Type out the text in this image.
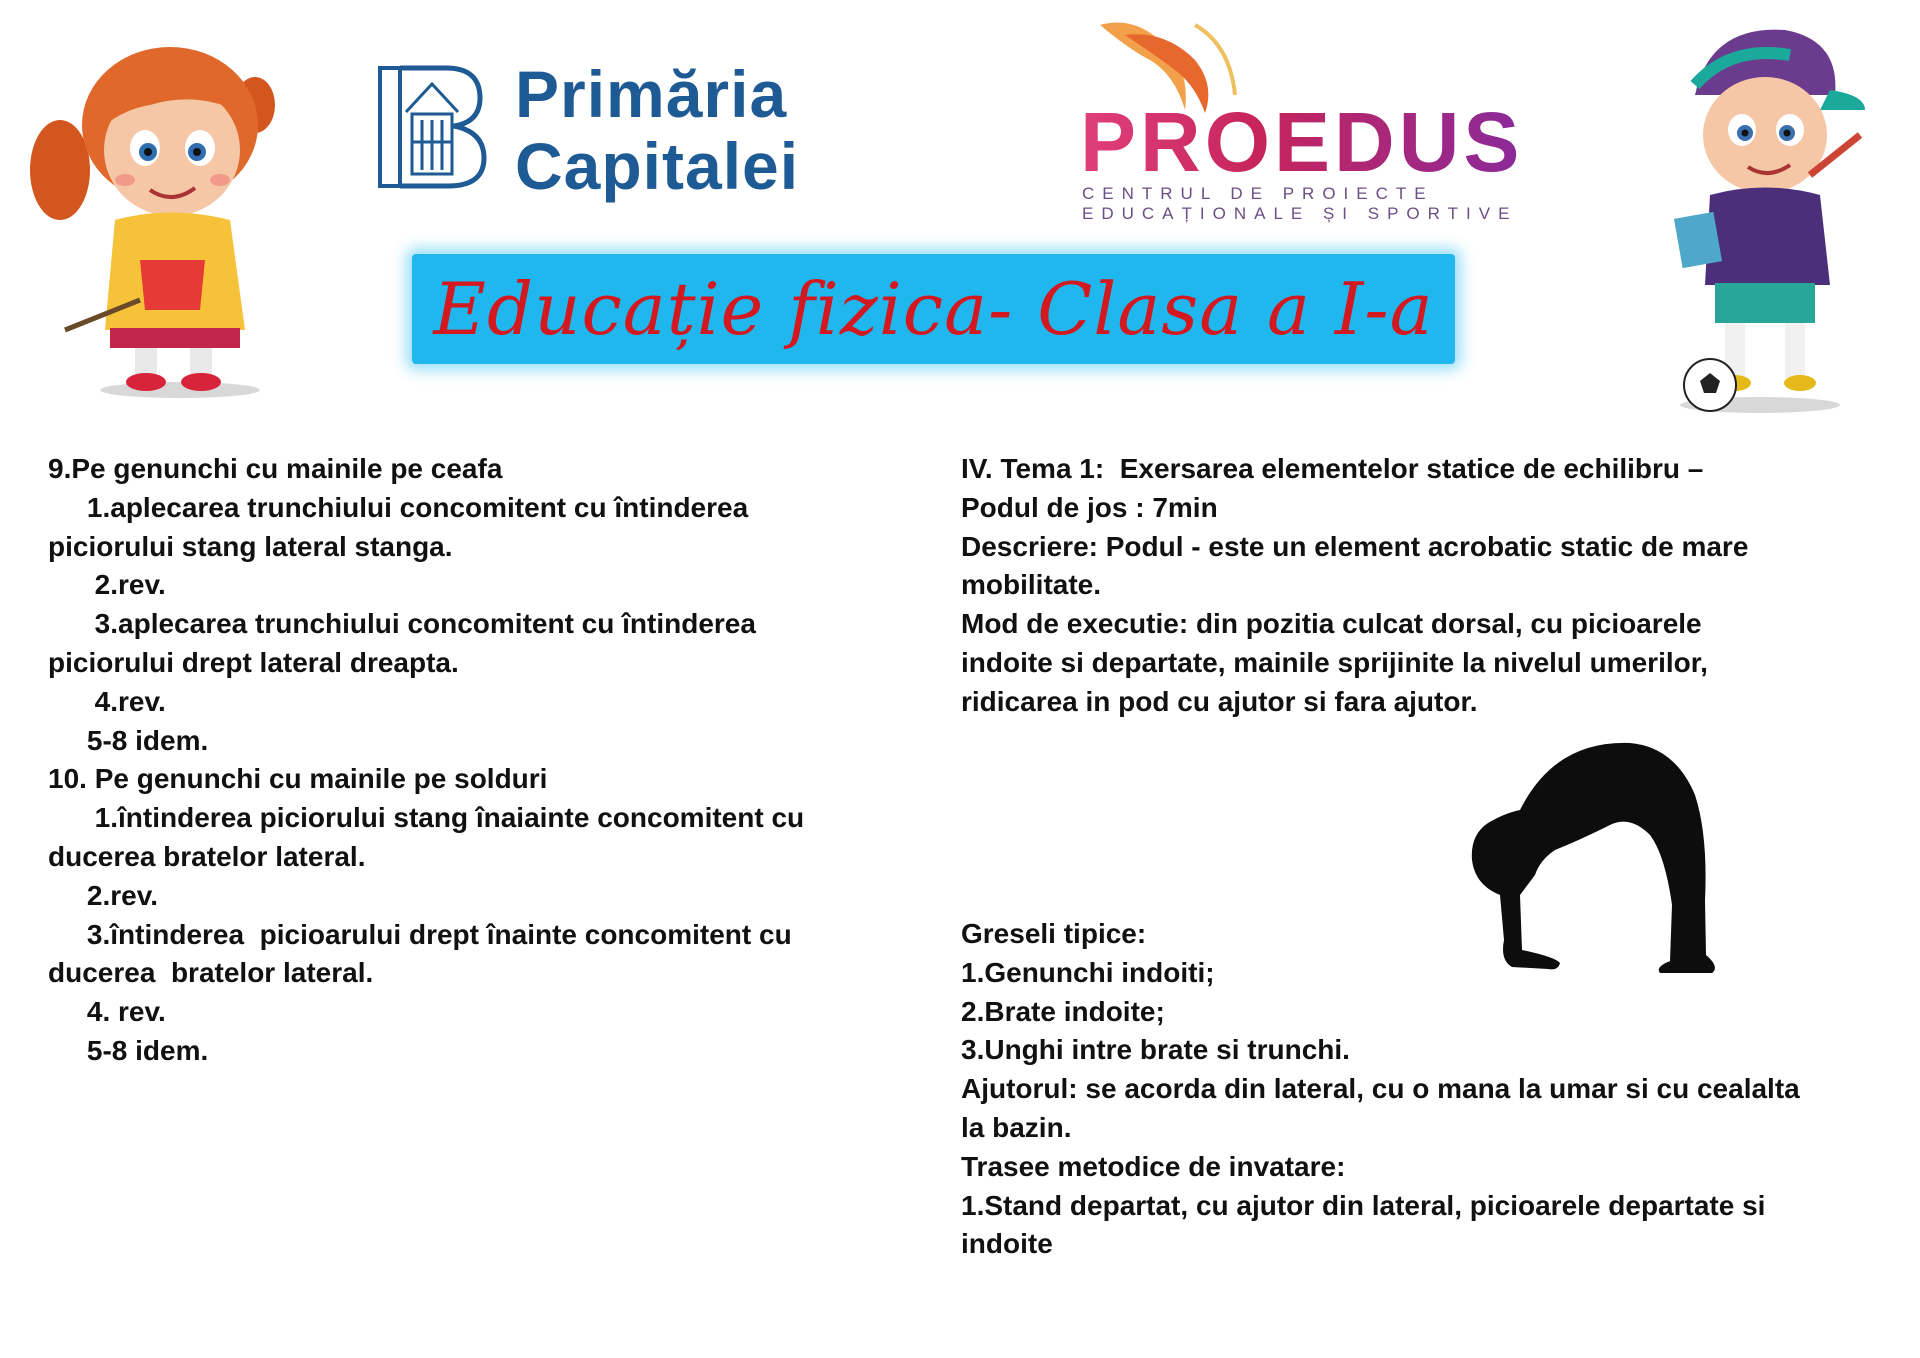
Primăria
Capitalei	PROEDUS
CENTRUL DE PROIECTE
EDUCAȚIONALE ȘI SPORTIVE
Educație fizica- Clasa a I-a
9.Pe genunchi cu mainile pe ceafa
1.aplecarea trunchiului concomitent cu întinderea
piciorului stang lateral stanga.
2.rev.
3.aplecarea trunchiului concomitent cu întinderea
piciorului drept lateral dreapta.
4.rev.
5-8 idem.
10. Pe genunchi cu mainile pe solduri
1.întinderea piciorului stang înaiainte concomitent cu
ducerea bratelor lateral.
2.rev.
3.întinderea  picioarului drept înainte concomitent cu
ducerea  bratelor lateral.
4. rev.
5-8 idem.
IV. Tema 1:  Exersarea elementelor statice de echilibru –
Podul de jos : 7min
Descriere: Podul - este un element acrobatic static de mare
mobilitate.
Mod de executie: din pozitia culcat dorsal, cu picioarele
indoite si departate, mainile sprijinite la nivelul umerilor,
ridicarea in pod cu ajutor si fara ajutor.
Greseli tipice:
1.Genunchi indoiti;
2.Brate indoite;
3.Unghi intre brate si trunchi.
Ajutorul: se acorda din lateral, cu o mana la umar si cu cealalta
la bazin.
Trasee metodice de invatare:
1.Stand departat, cu ajutor din lateral, picioarele departate si
indoite
